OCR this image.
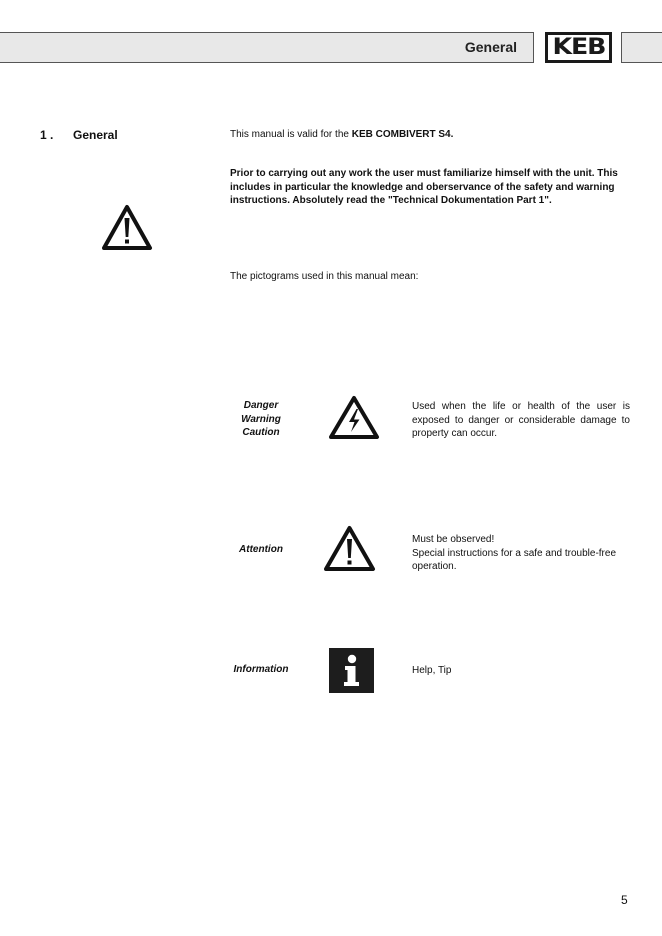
General KEB
1 . General	This manual is valid for the KEB COMBIVERT S4.

Prior to carrying out any work the user must familiarize himself with the unit. This includes in particular the knowledge and oberservance of the safety and warning instructions. Absolutely read the "Technical Dokumentation Part 1".

The pictograms used in this manual mean:

Danger
Warning
Caution

Used when the life or health of the user is exposed to danger or considerable damage to property can occur.

Attention
Must be observed!
Special instructions for a safe and trouble-free
operation.
Information	Help, Tip

5
